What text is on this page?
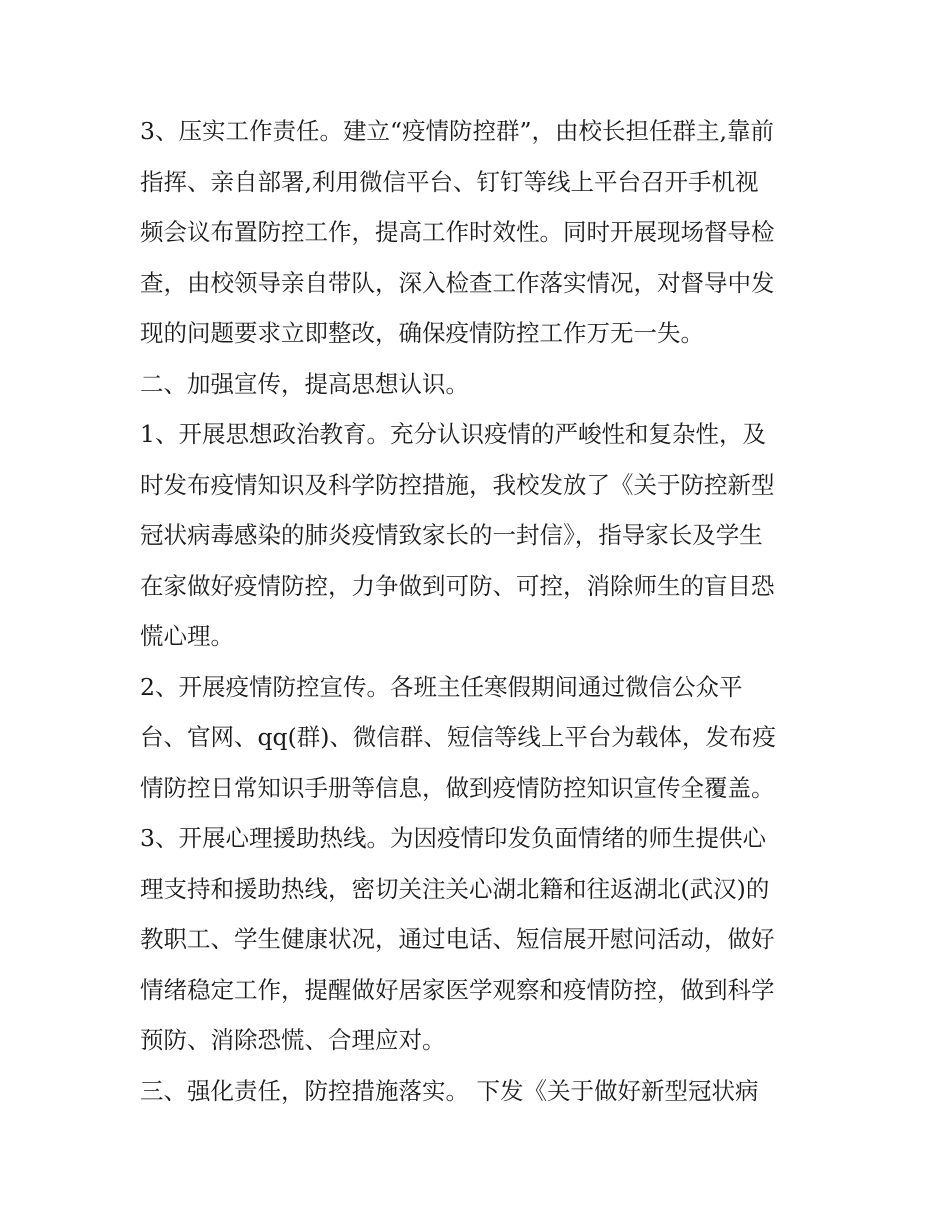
3、压实工作责任。建立“疫情防控群”，由校长担任群主,靠前
指挥、亲自部署,利用微信平台、钉钉等线上平台召开手机视
频会议布置防控工作，提高工作时效性。同时开展现场督导检
查，由校领导亲自带队，深入检查工作落实情况，对督导中发
现的问题要求立即整改，确保疫情防控工作万无一失。
二、加强宣传，提高思想认识。
1、开展思想政治教育。充分认识疫情的严峻性和复杂性，及
时发布疫情知识及科学防控措施，我校发放了《关于防控新型
冠状病毒感染的肺炎疫情致家长的一封信》，指导家长及学生
在家做好疫情防控，力争做到可防、可控，消除师生的盲目恐
慌心理。
2、开展疫情防控宣传。各班主任寒假期间通过微信公众平
台、官网、qq(群)、微信群、短信等线上平台为载体，发布疫
情防控日常知识手册等信息，做到疫情防控知识宣传全覆盖。
3、开展心理援助热线。为因疫情印发负面情绪的师生提供心
理支持和援助热线，密切关注关心湖北籍和往返湖北(武汉)的
教职工、学生健康状况，通过电话、短信展开慰问活动，做好
情绪稳定工作，提醒做好居家医学观察和疫情防控，做到科学
预防、消除恐慌、合理应对。
三、强化责任，防控措施落实。 下发《关于做好新型冠状病
